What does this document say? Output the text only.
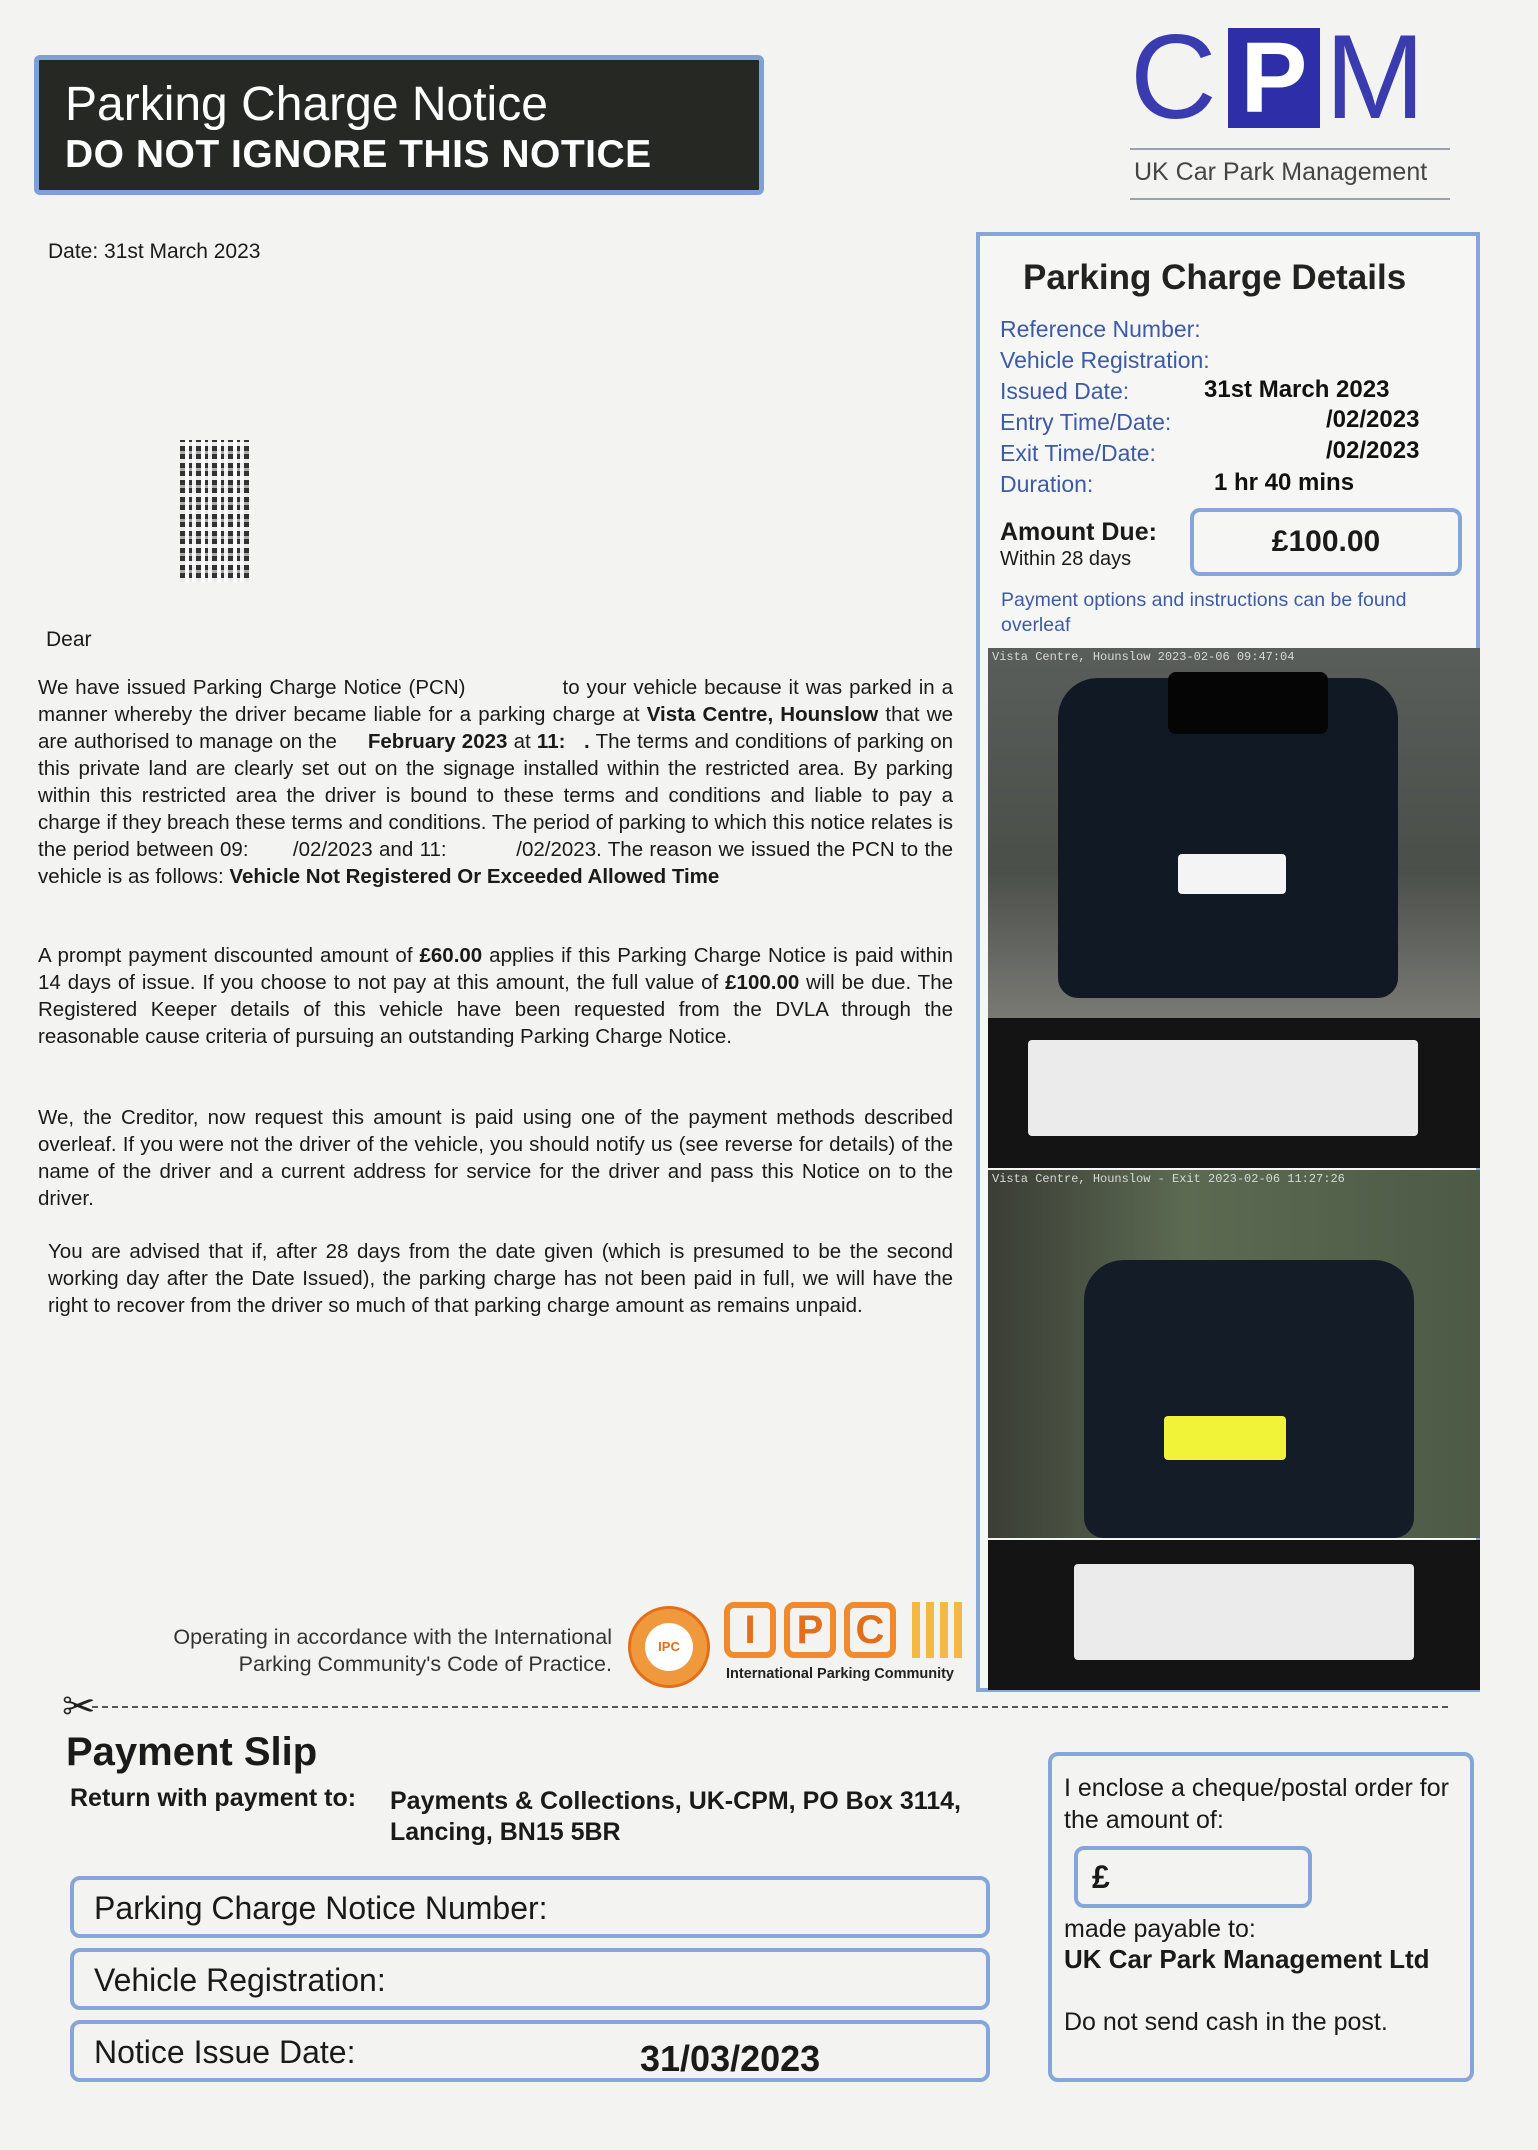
Parking Charge Notice
DO NOT IGNORE THIS NOTICE
C P M
UK Car Park Management
Date: 31st March 2023
Dear
We have issued Parking Charge Notice (PCN)	to your vehicle because it was parked in a manner whereby the driver became liable for a parking charge at Vista Centre, Hounslow that we are authorised to manage on the     February 2023 at 11:   . The terms and conditions of parking on this private land are clearly set out on the signage installed within the restricted area. By parking within this restricted area the driver is bound to these terms and conditions and liable to pay a charge if they breach these terms and conditions. The period of parking to which this notice relates is the period between 09:       /02/2023 and 11:           /02/2023. The reason we issued the PCN to the vehicle is as follows: Vehicle Not Registered Or Exceeded Allowed Time
A prompt payment discounted amount of £60.00 applies if this Parking Charge Notice is paid within 14 days of issue. If you choose to not pay at this amount, the full value of £100.00 will be due. The Registered Keeper details of this vehicle have been requested from the DVLA through the reasonable cause criteria of pursuing an outstanding Parking Charge Notice.
We, the Creditor, now request this amount is paid using one of the payment methods described overleaf. If you were not the driver of the vehicle, you should notify us (see reverse for details) of the name of the driver and a current address for service for the driver and pass this Notice on to the driver.
You are advised that if, after 28 days from the date given (which is presumed to be the second working day after the Date Issued), the parking charge has not been paid in full, we will have the right to recover from the driver so much of that parking charge amount as remains unpaid.
Parking Charge Details
Reference Number:
Vehicle Registration:
Issued Date:	31st March 2023
Entry Time/Date:	/02/2023
Exit Time/Date:	/02/2023
Duration:	1 hr 40 mins
Amount Due:
Within 28 days
£100.00
Payment options and instructions can be found overleaf
Vista Centre, Hounslow 2023-02-06 09:47:04
Vista Centre, Hounslow - Exit 2023-02-06 11:27:26
Operating in accordance with the International Parking Community's Code of Practice.
IPC	I	P C
International Parking Community
✂
Payment Slip
Return with payment to: Payments & Collections, UK-CPM, PO Box 3114, Lancing, BN15 5BR
Parking Charge Notice Number:
Vehicle Registration:
Notice Issue Date:	31/03/2023
I enclose a cheque/postal order for the amount of:
£
made payable to:
UK Car Park Management Ltd
Do not send cash in the post.
